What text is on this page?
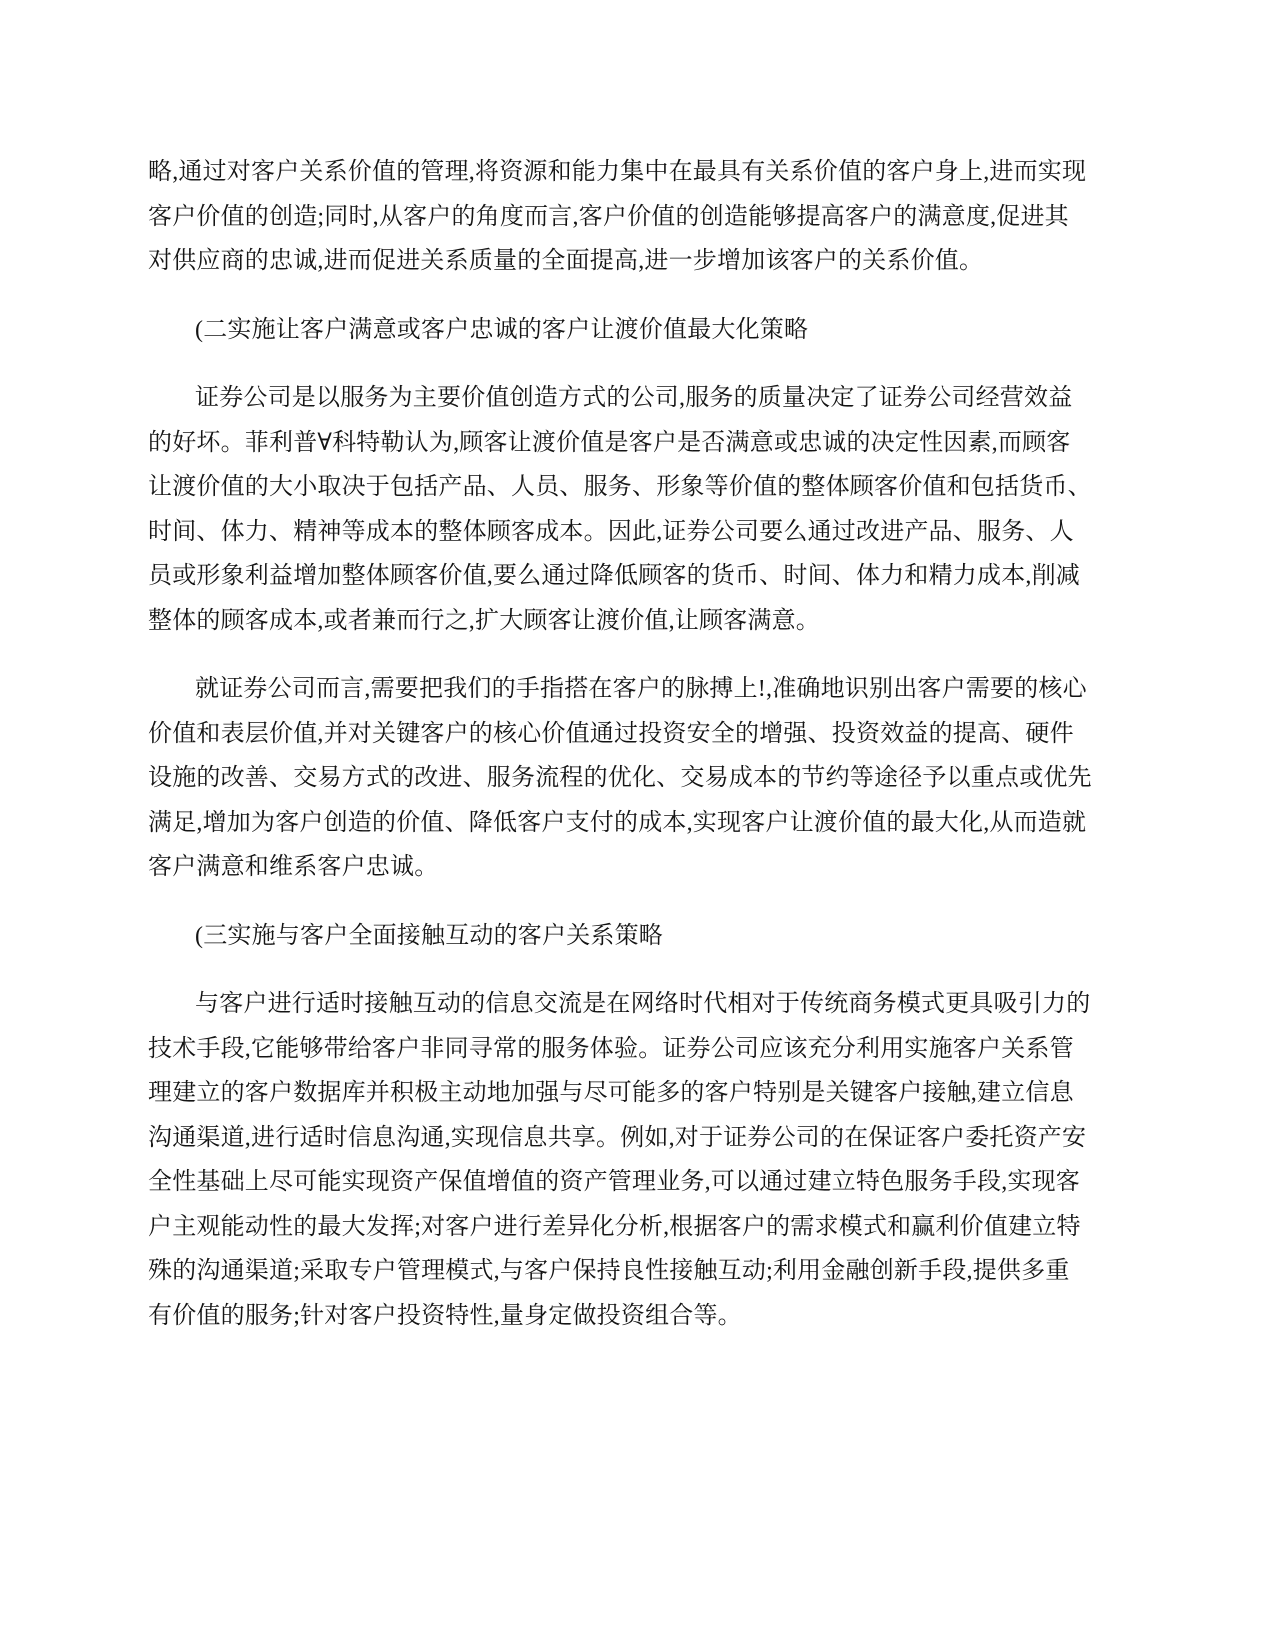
略,通过对客户关系价值的管理,将资源和能力集中在最具有关系价值的客户身上,进而实现
客户价值的创造;同时,从客户的角度而言,客户价值的创造能够提高客户的满意度,促进其
对供应商的忠诚,进而促进关系质量的全面提高,进一步增加该客户的关系价值。
(二实施让客户满意或客户忠诚的客户让渡价值最大化策略
证券公司是以服务为主要价值创造方式的公司,服务的质量决定了证券公司经营效益
的好坏。菲利普∀科特勒认为,顾客让渡价值是客户是否满意或忠诚的决定性因素,而顾客
让渡价值的大小取决于包括产品、人员、服务、形象等价值的整体顾客价值和包括货币、
时间、体力、精神等成本的整体顾客成本。因此,证券公司要么通过改进产品、服务、人
员或形象利益增加整体顾客价值,要么通过降低顾客的货币、时间、体力和精力成本,削减
整体的顾客成本,或者兼而行之,扩大顾客让渡价值,让顾客满意。
就证券公司而言,需要把我们的手指搭在客户的脉搏上!,准确地识别出客户需要的核心
价值和表层价值,并对关键客户的核心价值通过投资安全的增强、投资效益的提高、硬件
设施的改善、交易方式的改进、服务流程的优化、交易成本的节约等途径予以重点或优先
满足,增加为客户创造的价值、降低客户支付的成本,实现客户让渡价值的最大化,从而造就
客户满意和维系客户忠诚。
(三实施与客户全面接触互动的客户关系策略
与客户进行适时接触互动的信息交流是在网络时代相对于传统商务模式更具吸引力的
技术手段,它能够带给客户非同寻常的服务体验。证券公司应该充分利用实施客户关系管
理建立的客户数据库并积极主动地加强与尽可能多的客户特别是关键客户接触,建立信息
沟通渠道,进行适时信息沟通,实现信息共享。例如,对于证券公司的在保证客户委托资产安
全性基础上尽可能实现资产保值增值的资产管理业务,可以通过建立特色服务手段,实现客
户主观能动性的最大发挥;对客户进行差异化分析,根据客户的需求模式和赢利价值建立特
殊的沟通渠道;采取专户管理模式,与客户保持良性接触互动;利用金融创新手段,提供多重
有价值的服务;针对客户投资特性,量身定做投资组合等。
